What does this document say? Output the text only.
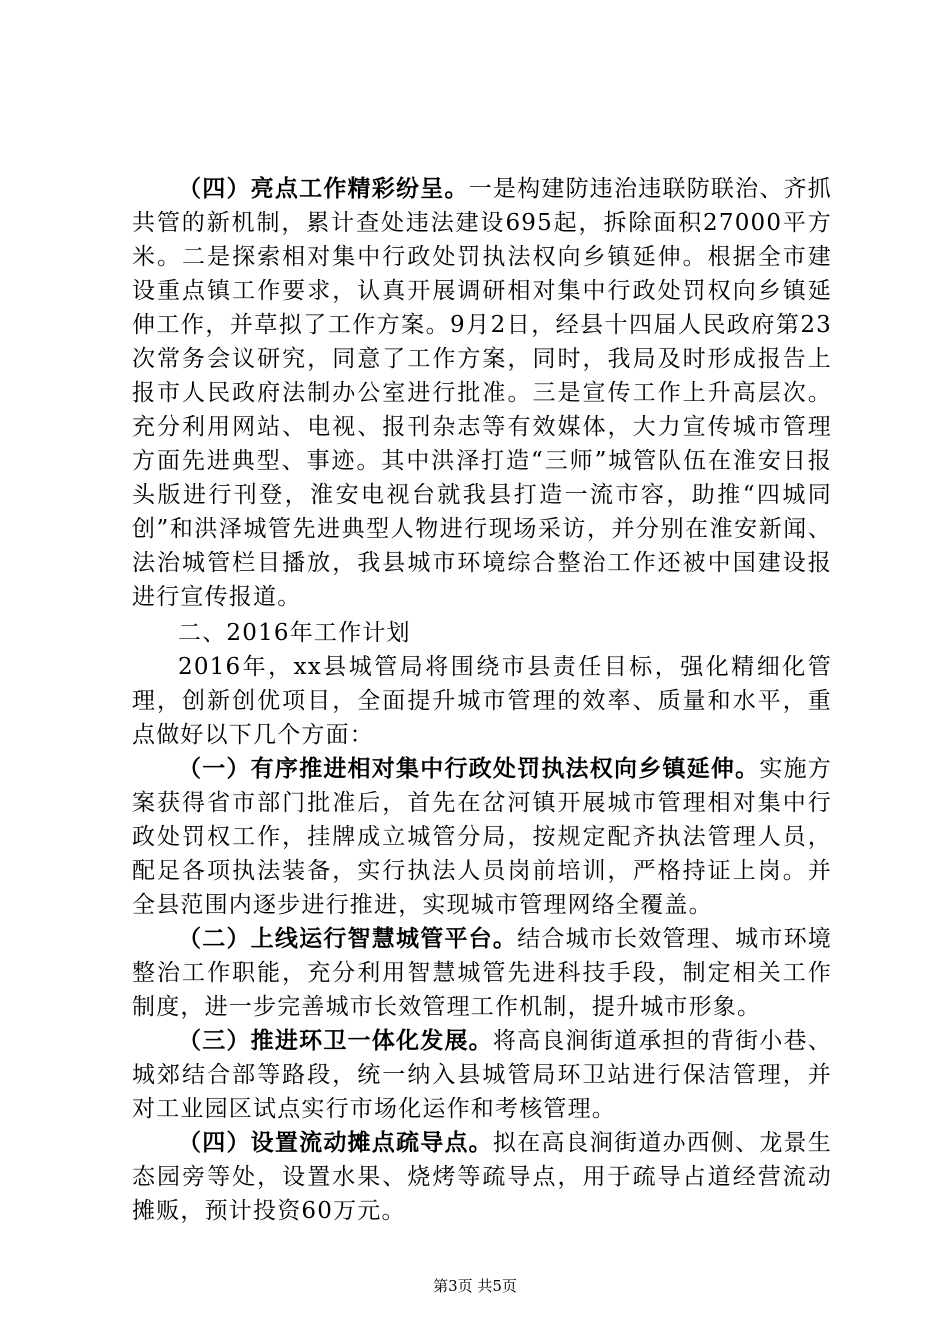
（四）亮点工作精彩纷呈。一是构建防违治违联防联治、齐抓共管的新机制，累计查处违法建设695起，拆除面积27000平方米。二是探索相对集中行政处罚执法权向乡镇延伸。根据全市建设重点镇工作要求，认真开展调研相对集中行政处罚权向乡镇延伸工作，并草拟了工作方案。9月2日，经县十四届人民政府第23次常务会议研究，同意了工作方案，同时，我局及时形成报告上报市人民政府法制办公室进行批准。三是宣传工作上升高层次。充分利用网站、电视、报刊杂志等有效媒体，大力宣传城市管理方面先进典型、事迹。其中洪泽打造“三师”城管队伍在淮安日报头版进行刊登，淮安电视台就我县打造一流市容，助推“四城同创”和洪泽城管先进典型人物进行现场采访，并分别在淮安新闻、法治城管栏目播放，我县城市环境综合整治工作还被中国建设报进行宣传报道。

二、2016年工作计划

2016年，xx县城管局将围绕市县责任目标，强化精细化管理，创新创优项目，全面提升城市管理的效率、质量和水平，重点做好以下几个方面：

（一）有序推进相对集中行政处罚执法权向乡镇延伸。实施方案获得省市部门批准后，首先在岔河镇开展城市管理相对集中行政处罚权工作，挂牌成立城管分局，按规定配齐执法管理人员，配足各项执法装备，实行执法人员岗前培训，严格持证上岗。并全县范围内逐步进行推进，实现城市管理网络全覆盖。

（二）上线运行智慧城管平台。结合城市长效管理、城市环境整治工作职能，充分利用智慧城管先进科技手段，制定相关工作制度，进一步完善城市长效管理工作机制，提升城市形象。

（三）推进环卫一体化发展。将高良涧街道承担的背街小巷、城郊结合部等路段，统一纳入县城管局环卫站进行保洁管理，并对工业园区试点实行市场化运作和考核管理。

（四）设置流动摊点疏导点。拟在高良涧街道办西侧、龙景生态园旁等处，设置水果、烧烤等疏导点，用于疏导占道经营流动摊贩，预计投资60万元。

第3页 共5页
